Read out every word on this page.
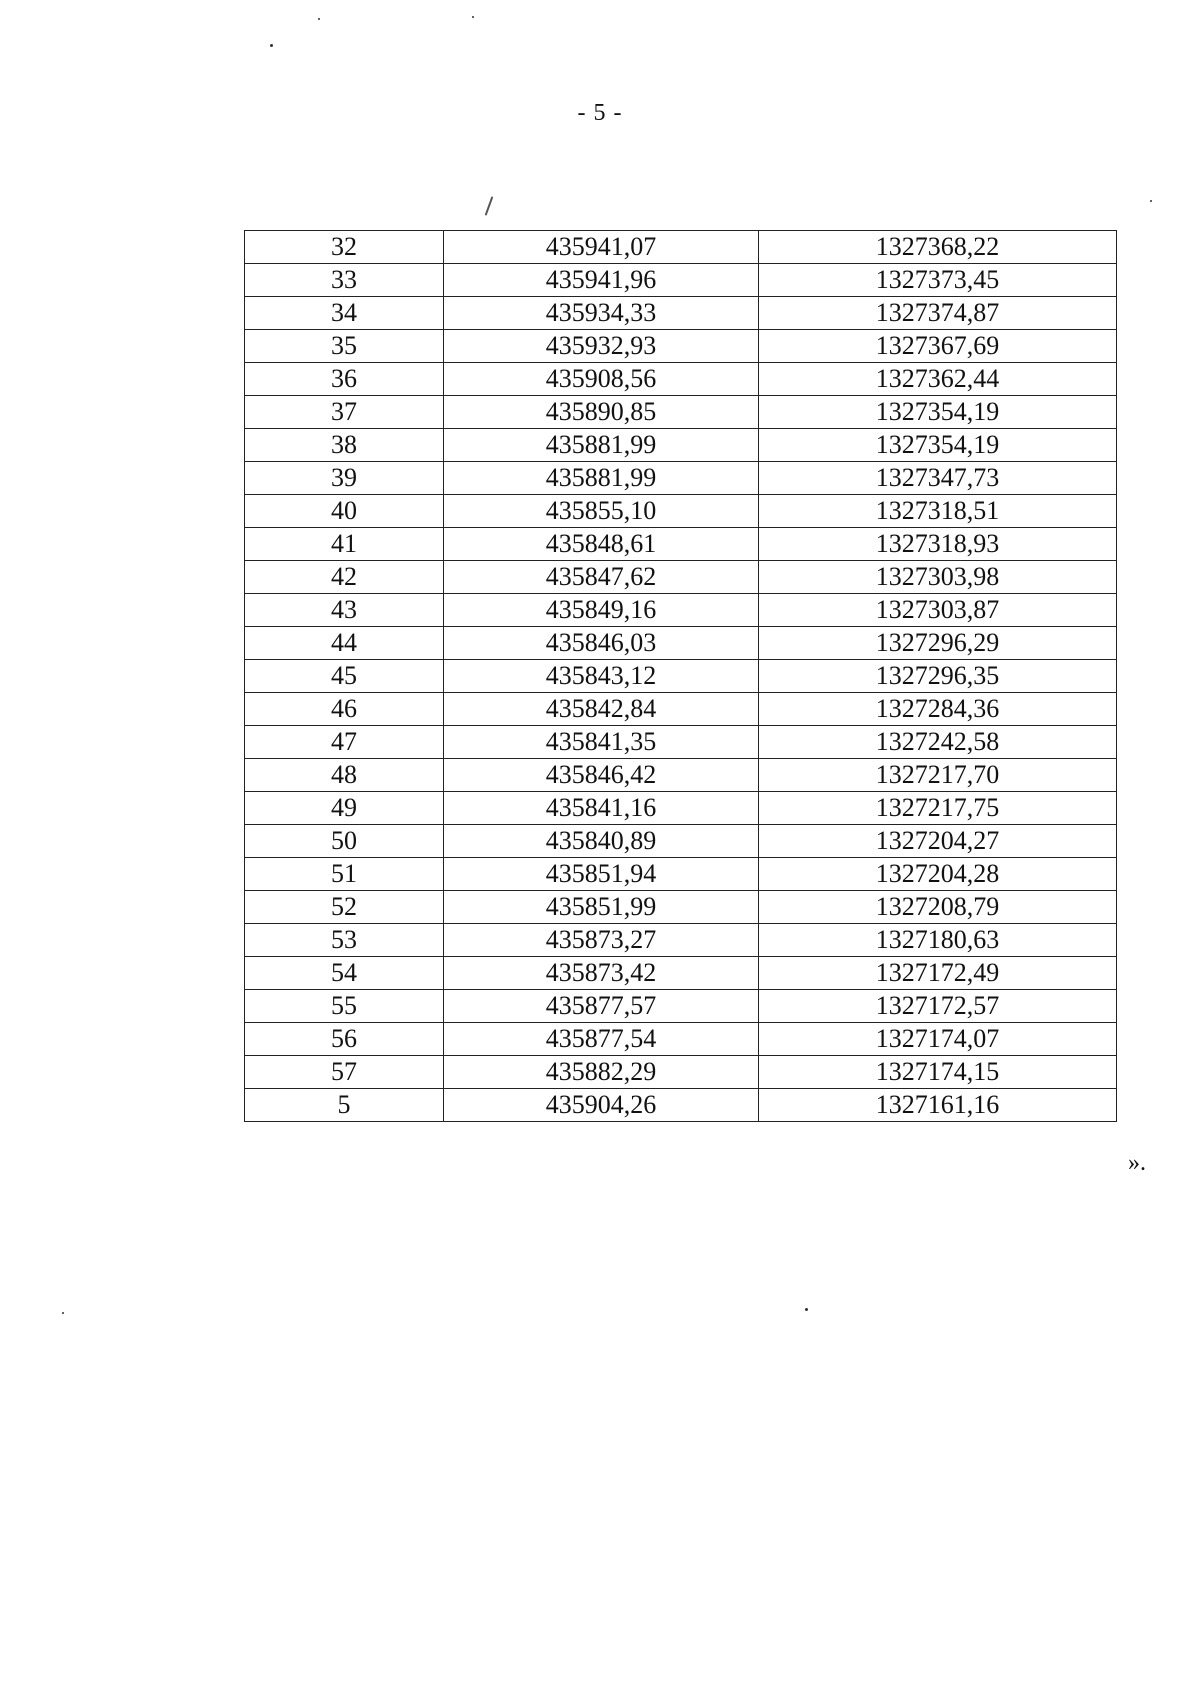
- 5 -
32	435941,07	1327368,22
33	435941,96	1327373,45
34	435934,33	1327374,87
35	435932,93	1327367,69
36	435908,56	1327362,44
37	435890,85	1327354,19
38	435881,99	1327354,19
39	435881,99	1327347,73
40	435855,10	1327318,51
41	435848,61	1327318,93
42	435847,62	1327303,98
43	435849,16	1327303,87
44	435846,03	1327296,29
45	435843,12	1327296,35
46	435842,84	1327284,36
47	435841,35	1327242,58
48	435846,42	1327217,70
49	435841,16	1327217,75
50	435840,89	1327204,27
51	435851,94	1327204,28
52	435851,99	1327208,79
53	435873,27	1327180,63
54	435873,42	1327172,49
55	435877,57	1327172,57
56	435877,54	1327174,07
57	435882,29	1327174,15
5	435904,26	1327161,16
».
